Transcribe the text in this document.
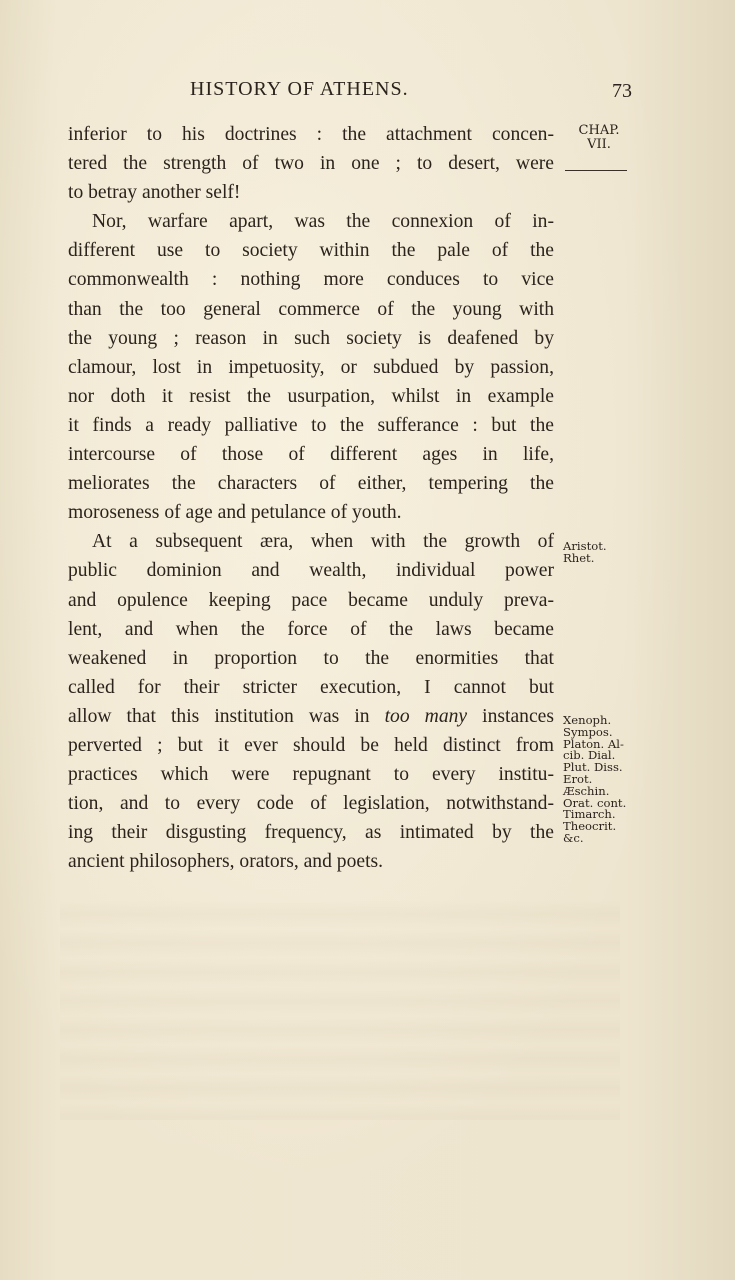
HISTORY OF ATHENS.	73
CHAP.
VII.
Aristot.
Rhet.
Xenoph.
Sympos.
Platon. Al-
cib. Dial.
Plut. Diss.
Erot.
Æschin.
Orat. cont.
Timarch.
Theocrit.
&c.
inferior to his doctrines : the attachment concen-
tered the strength of two in one ; to desert, were
to betray another self!
Nor, warfare apart, was the connexion of in-
different use to society within the pale of the
commonwealth : nothing more conduces to vice
than the too general commerce of the young with
the young ; reason in such society is deafened by
clamour, lost in impetuosity, or subdued by passion,
nor doth it resist the usurpation, whilst in example
it finds a ready palliative to the sufferance : but the
intercourse of those of different ages in life,
meliorates the characters of either, tempering the
moroseness of age and petulance of youth.
At a subsequent æra, when with the growth of
public dominion and wealth, individual power
and opulence keeping pace became unduly preva-
lent, and when the force of the laws became
weakened in proportion to the enormities that
called for their stricter execution, I cannot but
allow that this institution was in too many instances
perverted ; but it ever should be held distinct from
practices which were repugnant to every institu-
tion, and to every code of legislation, notwithstand-
ing their disgusting frequency, as intimated by the
ancient philosophers, orators, and poets.
